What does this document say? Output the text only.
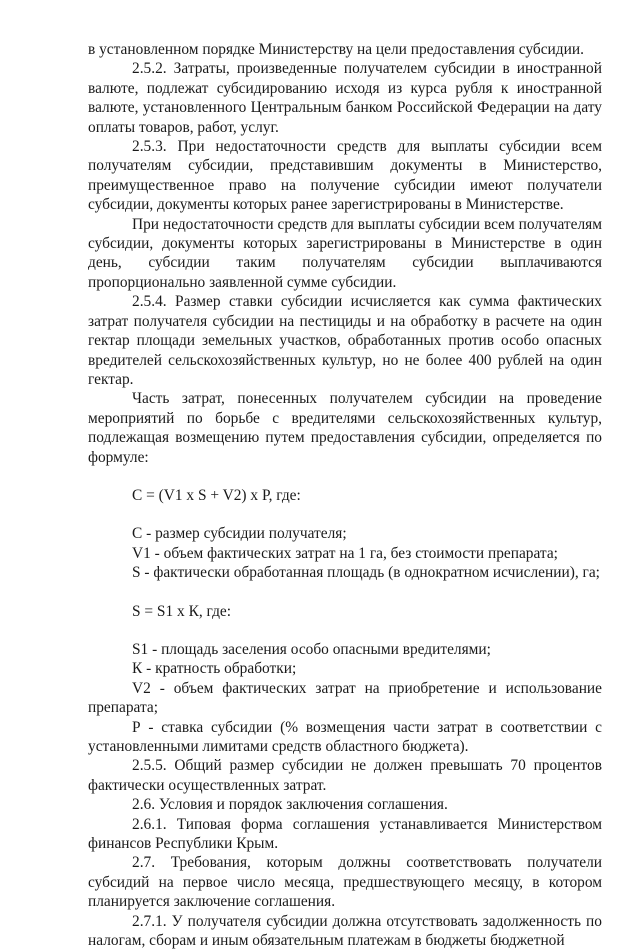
в установленном порядке Министерству на цели предоставления субсидии.

2.5.2. Затраты, произведенные получателем субсидии в иностранной валюте, подлежат субсидированию исходя из курса рубля к иностранной валюте, установленного Центральным банком Российской Федерации на дату оплаты товаров, работ, услуг.

2.5.3. При недостаточности средств для выплаты субсидии всем получателям субсидии, представившим документы в Министерство, преимущественное право на получение субсидии имеют получатели субсидии, документы которых ранее зарегистрированы в Министерстве.

При недостаточности средств для выплаты субсидии всем получателям субсидии, документы которых зарегистрированы в Министерстве в один день, субсидии таким получателям субсидии выплачиваются пропорционально заявленной сумме субсидии.

2.5.4. Размер ставки субсидии исчисляется как сумма фактических затрат получателя субсидии на пестициды и на обработку в расчете на один гектар площади земельных участков, обработанных против особо опасных вредителей сельскохозяйственных культур, но не более 400 рублей на один гектар.

Часть затрат, понесенных получателем субсидии на проведение мероприятий по борьбе с вредителями сельскохозяйственных культур, подлежащая возмещению путем предоставления субсидии, определяется по формуле:

С = (V1 х S + V2) х Р, где:

С - размер субсидии получателя;

V1 - объем фактических затрат на 1 га, без стоимости препарата;

S - фактически обработанная площадь (в однократном исчислении), га;

S = S1 х К, где:

S1 - площадь заселения особо опасными вредителями;

К - кратность обработки;

V2 - объем фактических затрат на приобретение и использование препарата;

Р - ставка субсидии (% возмещения части затрат в соответствии с установленными лимитами средств областного бюджета).

2.5.5. Общий размер субсидии не должен превышать 70 процентов фактически осуществленных затрат.

2.6. Условия и порядок заключения соглашения.

2.6.1. Типовая форма соглашения устанавливается Министерством финансов Республики Крым.

2.7. Требования, которым должны соответствовать получатели субсидий на первое число месяца, предшествующего месяцу, в котором планируется заключение соглашения.

2.7.1. У получателя субсидии должна отсутствовать задолженность по налогам, сборам и иным обязательным платежам в бюджеты бюджетной
